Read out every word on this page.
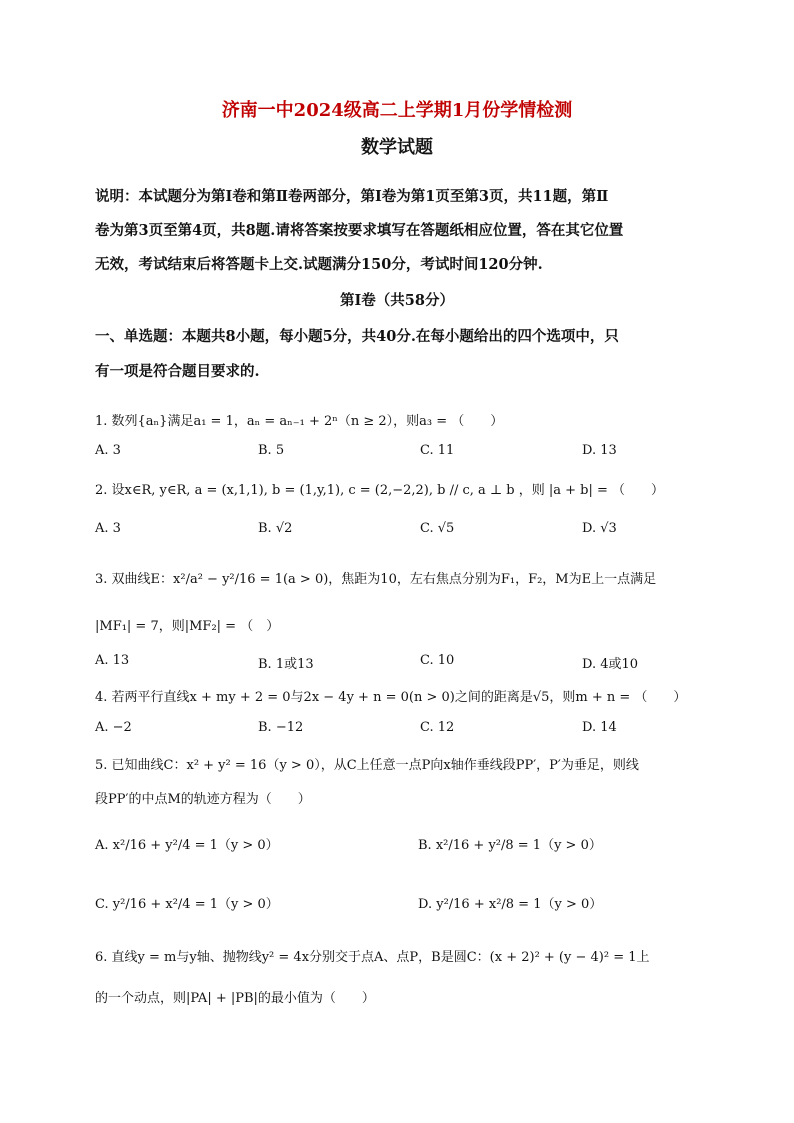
济南一中2024级高二上学期1月份学情检测
数学试题
说明：本试题分为第Ⅰ卷和第Ⅱ卷两部分，第Ⅰ卷为第1页至第3页，共11题，第Ⅱ
卷为第3页至第4页，共8题.请将答案按要求填写在答题纸相应位置，答在其它位置
无效，考试结束后将答题卡上交.试题满分150分，考试时间120分钟.
第Ⅰ卷（共58分）
一、单选题：本题共8小题，每小题5分，共40分.在每小题给出的四个选项中，只
有一项是符合题目要求的.
1. 数列{aₙ}满足a₁ = 1，aₙ = aₙ₋₁ + 2ⁿ（n ≥ 2），则a₃ = （　　）
A. 3	B. 5	C. 11	D. 13
2. 设x∈R, y∈R, a = (x,1,1), b = (1,y,1), c = (2,−2,2), b // c, a ⊥ b ，则 |a + b| = （　　）
A. 3	B. √2	C. √5	D. √3
3. 双曲线E：x²/a² − y²/16 = 1(a > 0)，焦距为10，左右焦点分别为F₁，F₂，M为E上一点满足
|MF₁| = 7，则|MF₂| = （　）
A. 13	B. 1或13	C. 10	D. 4或10
4. 若两平行直线x + my + 2 = 0与2x − 4y + n = 0(n > 0)之间的距离是√5，则m + n = （　　）
A. −2	B. −12	C. 12	D. 14
5. 已知曲线C：x² + y² = 16（y > 0），从C上任意一点P向x轴作垂线段PP′，P′为垂足，则线
段PP′的中点M的轨迹方程为（　　）
A. x²/16 + y²/4 = 1（y > 0）	B. x²/16 + y²/8 = 1（y > 0）
C. y²/16 + x²/4 = 1（y > 0）	D. y²/16 + x²/8 = 1（y > 0）
6. 直线y = m与y轴、抛物线y² = 4x分别交于点A、点P，B是圆C：(x + 2)² + (y − 4)² = 1上
的一个动点，则|PA| + |PB|的最小值为（　　）
